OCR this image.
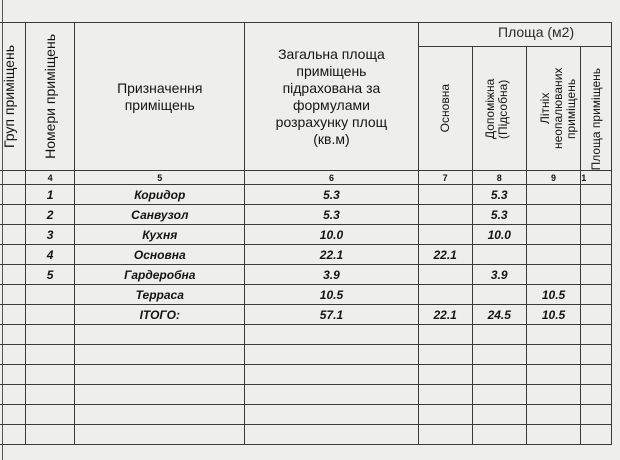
Груп приміщень	Номери приміщень	Призначення приміщень	Загальна площа приміщень підрахована за формулами розрахунку площ (кв.м)				

				Основна	Допоміжна (Підсобна)	Літніх неопалюваних приміщень	Площа приміщень

	4	5	6	7	8	9	1
	1	Коридор	5.3		5.3		
	2	Санвузол	5.3		5.3		
	3	Кухня	10.0		10.0		
	4	Основна	22.1	22.1			
	5	Гардеробна	3.9		3.9		
		Терраса	10.5			10.5	
		ІТОГО:	57.1	22.1	24.5	10.5	

Площа (м2)
